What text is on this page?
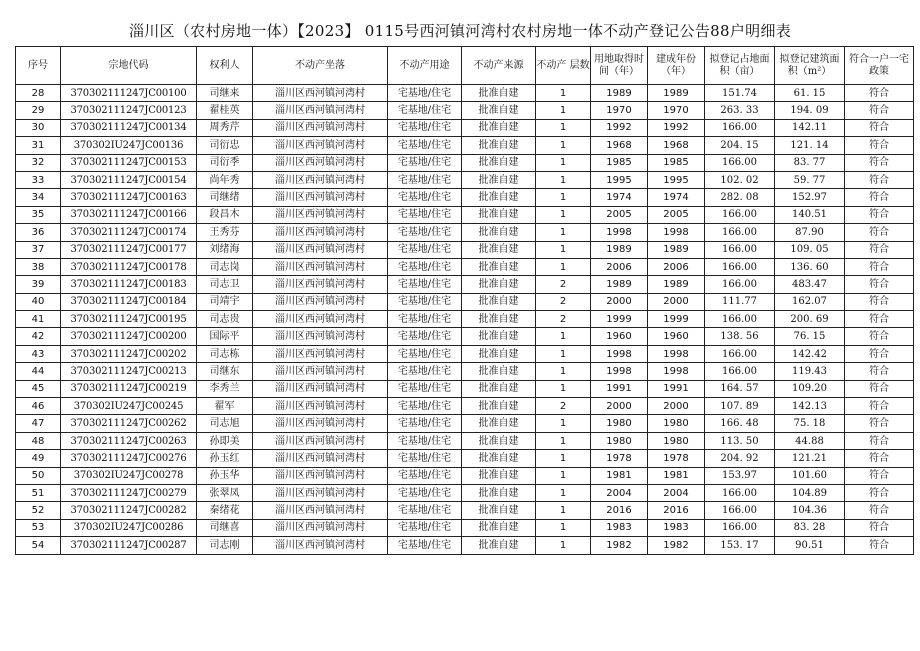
淄川区（农村房地一体）【2023】 0115号西河镇河湾村农村房地一体不动产登记公告88户明细表
序号	宗地代码	权利人	不动产坐落	不动产用途	不动产来源	不动产 层数	用地取得时间（年）	建成年份（年）	拟登记占地面积（亩）	拟登记建筑面积（m²）	符合一户一宅政策
28	370302111247JC00100	司继来	淄川区西河镇河湾村	宅基地/住宅	批准自建	1	1989	1989	151.74	61. 15	符合
29	370302111247JC00123	翟桂英	淄川区西河镇河湾村	宅基地/住宅	批准自建	1	1970	1970	263. 33	194. 09	符合
30	370302111247JC00134	周秀芹	淄川区西河镇河湾村	宅基地/住宅	批准自建	1	1992	1992	166.00	142.11	符合
31	370302IU247JC00136	司衍忠	淄川区西河镇河湾村	宅基地/住宅	批准自建	1	1968	1968	204. 15	121. 14	符合
32	370302111247JC00153	司衍季	淄川区西河镇河湾村	宅基地/住宅	批准自建	1	1985	1985	166.00	83. 77	符合
33	370302111247JC00154	尚年秀	淄川区西河镇河湾村	宅基地/住宅	批准自建	1	1995	1995	102. 02	59. 77	符合
34	370302111247JC00163	司继绪	淄川区西河镇河湾村	宅基地/住宅	批准自建	1	1974	1974	282. 08	152.97	符合
35	370302111247JC00166	段昌木	淄川区西河镇河湾村	宅基地/住宅	批准自建	1	2005	2005	166.00	140.51	符合
36	370302111247JC00174	王秀芬	淄川区西河镇河湾村	宅基地/住宅	批准自建	1	1998	1998	166.00	87.90	符合
37	370302111247JC00177	刘绪海	淄川区西河镇河湾村	宅基地/住宅	批准自建	1	1989	1989	166.00	109. 05	符合
38	370302111247JC00178	司志岗	淄川区西河镇河湾村	宅基地/住宅	批准自建	1	2006	2006	166.00	136. 60	符合
39	370302111247JC00183	司志卫	淄川区西河镇河湾村	宅基地/住宅	批准自建	2	1989	1989	166.00	483.47	符合
40	370302111247JC00184	司靖宇	淄川区西河镇河湾村	宅基地/住宅	批准自建	2	2000	2000	111.77	162.07	符合
41	370302111247JC00195	司志贵	淄川区西河镇河湾村	宅基地/住宅	批准自建	2	1999	1999	166.00	200. 69	符合
42	370302111247JC00200	国际平	淄川区西河镇河湾村	宅基地/住宅	批准自建	1	1960	1960	138. 56	76. 15	符合
43	370302111247JC00202	司志栋	淄川区西河镇河湾村	宅基地/住宅	批准自建	1	1998	1998	166.00	142.42	符合
44	370302111247JC00213	司继东	淄川区西河镇河湾村	宅基地/住宅	批准自建	1	1998	1998	166.00	119.43	符合
45	370302111247JC00219	李秀兰	淄川区西河镇河湾村	宅基地/住宅	批准自建	1	1991	1991	164. 57	109.20	符合
46	370302IU247JC00245	翟军	淄川区西河镇河湾村	宅基地/住宅	批准自建	2	2000	2000	107. 89	142.13	符合
47	370302111247JC00262	司志旭	淄川区西河镇河湾村	宅基地/住宅	批准自建	1	1980	1980	166. 48	75. 18	符合
48	370302111247JC00263	孙即美	淄川区西河镇河湾村	宅基地/住宅	批准自建	1	1980	1980	113. 50	44.88	符合
49	370302111247JC00276	孙玉红	淄川区西河镇河湾村	宅基地/住宅	批准自建	1	1978	1978	204. 92	121.21	符合
50	370302IU247JC00278	孙玉华	淄川区西河镇河湾村	宅基地/住宅	批准自建	1	1981	1981	153.97	101.60	符合
51	370302111247JC00279	张翠凤	淄川区西河镇河湾村	宅基地/住宅	批准自建	1	2004	2004	166.00	104.89	符合
52	370302111247JC00282	秦绪花	淄川区西河镇河湾村	宅基地/住宅	批准自建	1	2016	2016	166.00	104.36	符合
53	370302IU247JC00286	司继喜	淄川区西河镇河湾村	宅基地/住宅	批准自建	1	1983	1983	166.00	83. 28	符合
54	370302111247JC00287	司志刚	淄川区西河镇河湾村	宅基地/住宅	批准自建	1	1982	1982	153. 17	90.51	符合
